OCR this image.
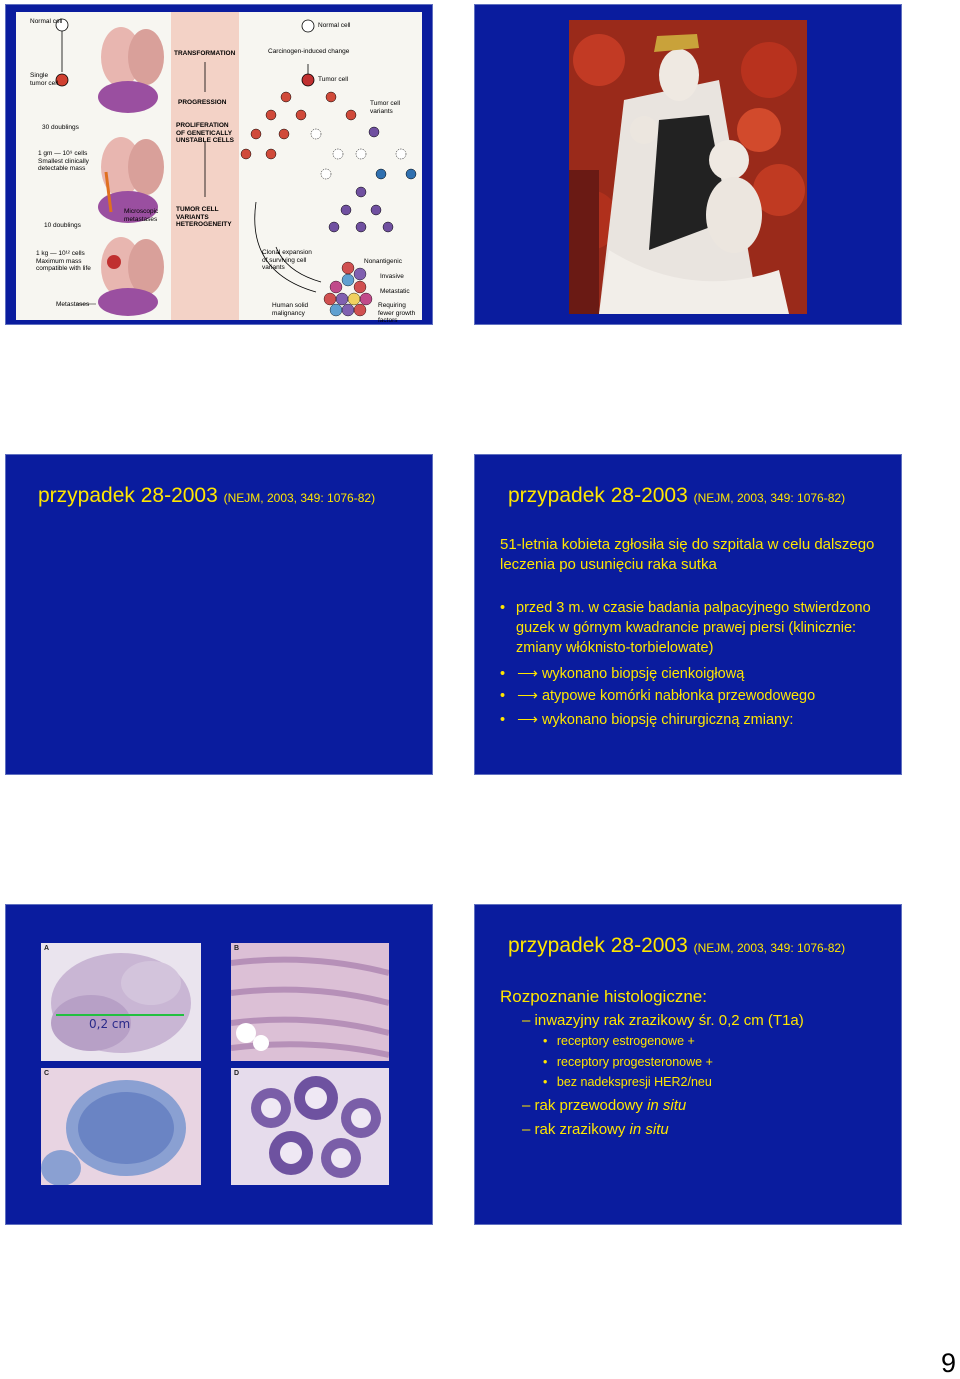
Normal cell
Single tumor cell
30 doublings
1 gm — 10⁹ cells Smallest clinically detectable mass
10 doublings
1 kg — 10¹² cells Maximum mass compatible with life
Microscopic metastases
Metastases
TRANSFORMATION
PROGRESSION
PROLIFERATION OF GENETICALLY UNSTABLE CELLS
TUMOR CELL VARIANTS HETEROGENEITY
Normal cell
Carcinogen-induced change
Tumor cell
Tumor cell variants
Clonal expansion of surviving cell variants
Human solid malignancy
Nonantigenic
Invasive
Metastatic
Requiring fewer growth factors
przypadek 28-2003 (NEJM, 2003, 349: 1076-82)	przypadek 28-2003 (NEJM, 2003, 349: 1076-82)
51-letnia kobieta zgłosiła się do szpitala w celu dalszego leczenia po usunięciu raka sutka
• przed 3 m. w czasie badania palpacyjnego stwierdzono guzek w górnym kwadrancie prawej piersi (klinicznie: zmiany włóknisto-torbielowate)
• ⟶ wykonano biopsję cienkoigłową
• ⟶ atypowe komórki nabłonka przewodowego
• ⟶ wykonano biopsję chirurgiczną zmiany:
A
0,2 cm
B
C	D
przypadek 28-2003 (NEJM, 2003, 349: 1076-82)
Rozpoznanie histologiczne:
– inwazyjny rak zrazikowy śr. 0,2 cm (T1a)
• receptory estrogenowe +
• receptory progesteronowe +
• bez nadekspresji HER2/neu
– rak przewodowy in situ
– rak zrazikowy in situ
9
